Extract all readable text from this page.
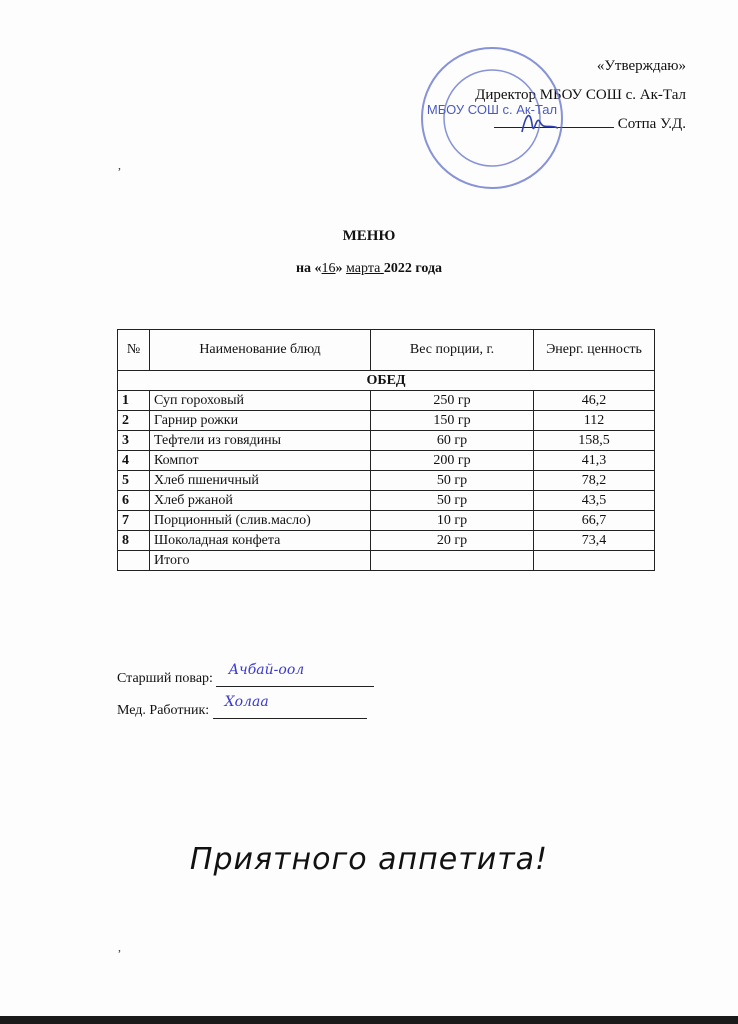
«Утверждаю»
Директор МБОУ СОШ с. Ак-Тал
Сотпа У.Д.
МБОУ СОШ с. Ак-Тал
,
МЕНЮ
на «16» марта 2022 года
№	Наименование блюд	Вес порции, г.	Энерг. ценность
ОБЕД			
1	Суп гороховый	250 гр	46,2
2	Гарнир рожки	150 гр	112
3	Тефтели из говядины	60 гр	158,5
4	Компот	200 гр	41,3
5	Хлеб пшеничный	50 гр	78,2
6	Хлеб ржаной	50 гр	43,5
7	Порционный (слив.масло)	10 гр	66,7
8	Шоколадная конфета	20 гр	73,4
	Итого		
Старший повар:
Ачбай-оол
Мед. Работник:
Холаа
Приятного аппетита!
,
